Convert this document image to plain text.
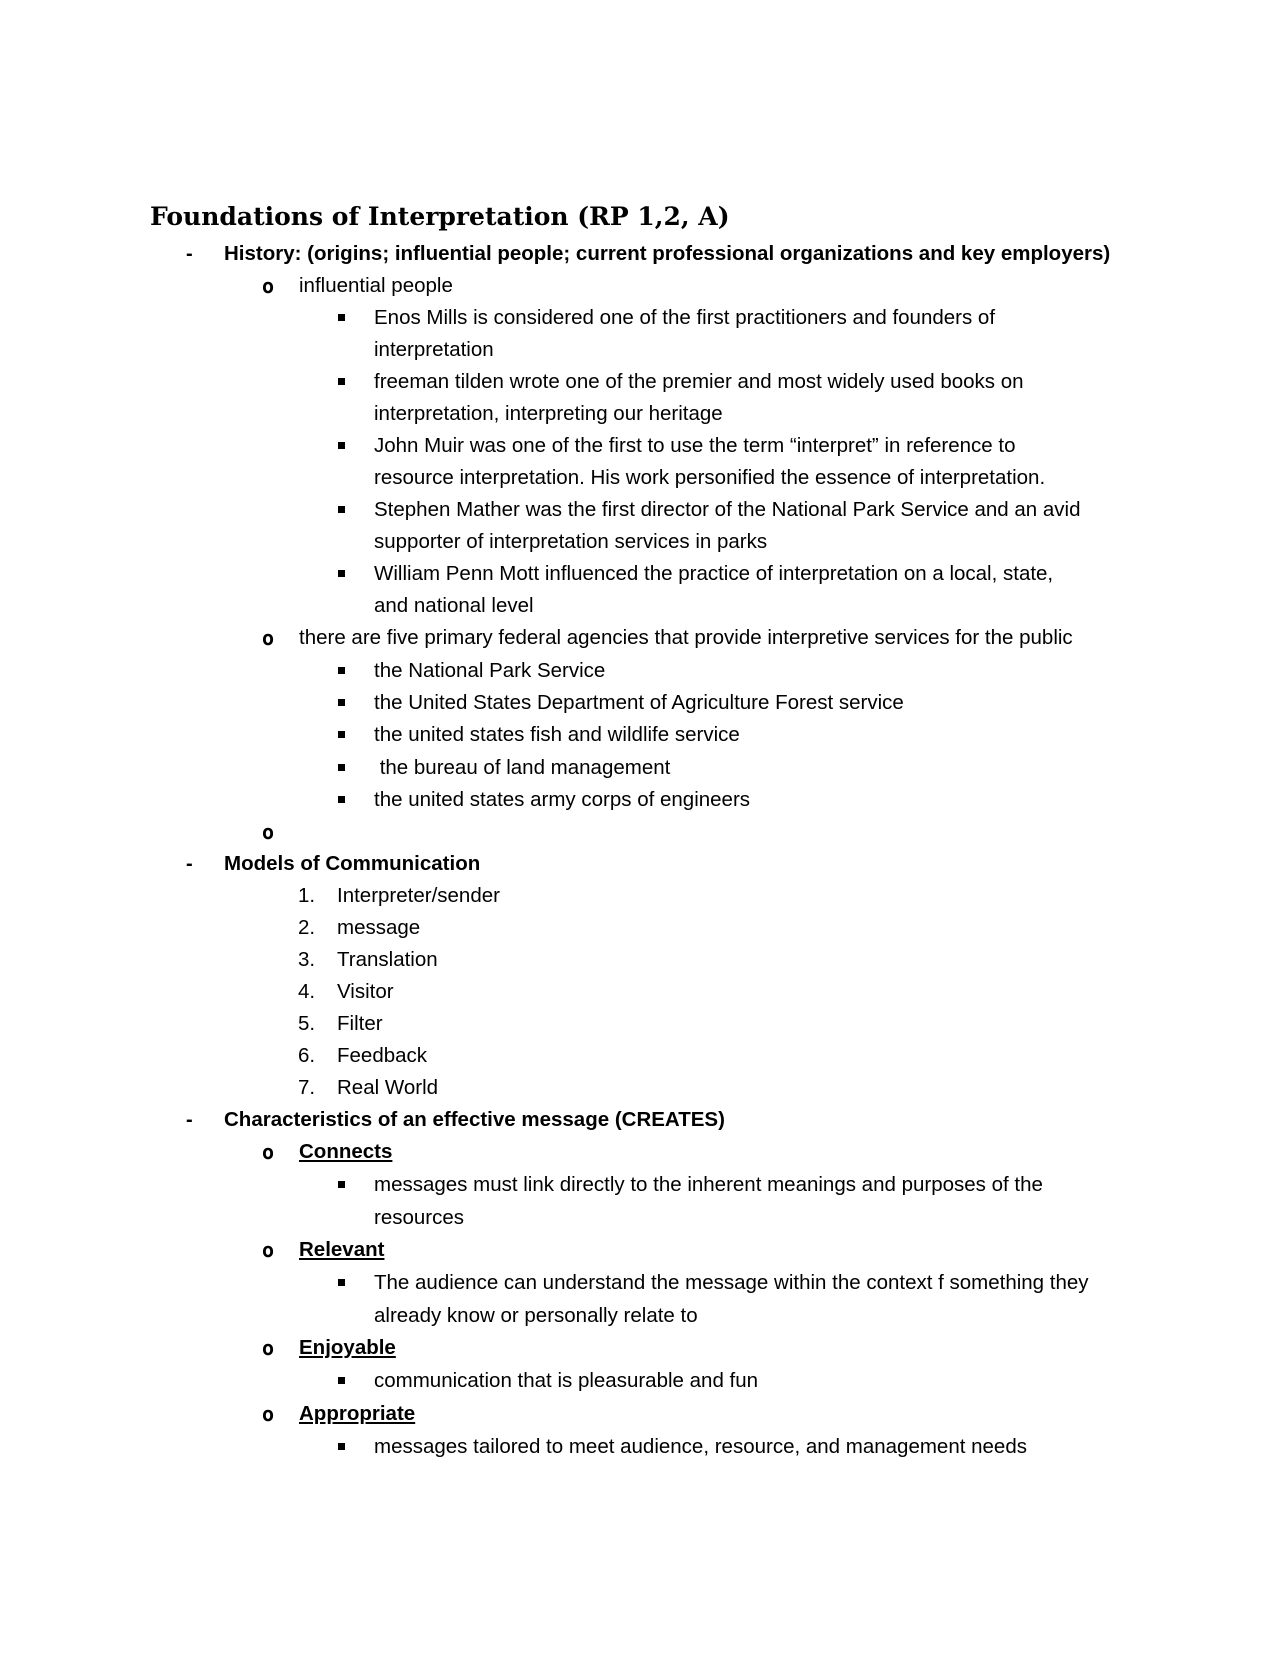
Foundations of Interpretation (RP 1,2, A)
- History: (origins; influential people; current professional organizations and key employers)
o influential people
Enos Mills is considered one of the first practitioners and founders of
interpretation
freeman tilden wrote one of the premier and most widely used books on
interpretation, interpreting our heritage
John Muir was one of the first to use the term “interpret” in reference to
resource interpretation. His work personified the essence of interpretation.
Stephen Mather was the first director of the National Park Service and an avid
supporter of interpretation services in parks
William Penn Mott influenced the practice of interpretation on a local, state,
and national level
o there are five primary federal agencies that provide interpretive services for the public
the National Park Service
the United States Department of Agriculture Forest service
the united states fish and wildlife service
the bureau of land management
the united states army corps of engineers
o
- Models of Communication
1. Interpreter/sender
2. message
3. Translation
4. Visitor
5. Filter
6. Feedback
7. Real World
- Characteristics of an effective message (CREATES)
o Connects
messages must link directly to the inherent meanings and purposes of the
resources
o Relevant
The audience can understand the message within the context f something they
already know or personally relate to
o Enjoyable
communication that is pleasurable and fun
o Appropriate
messages tailored to meet audience, resource, and management needs
